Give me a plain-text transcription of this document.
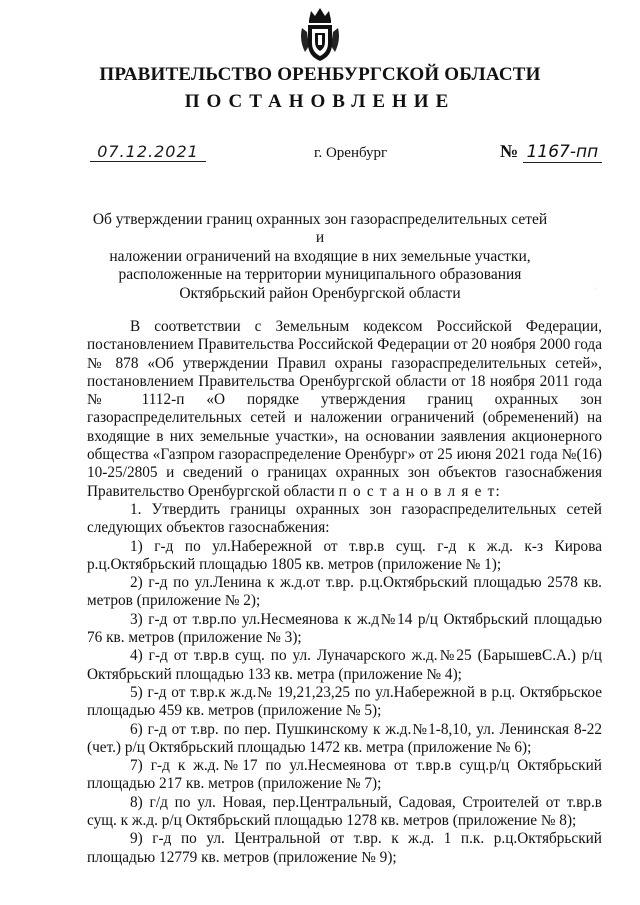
ПРАВИТЕЛЬСТВО ОРЕНБУРГСКОЙ ОБЛАСТИ
ПОСТАНОВЛЕНИЕ
07.12.2021	г. Оренбург	№ 1167-пп
·
Об утверждении границ охранных зон газораспределительных сетей и
наложении ограничений на входящие в них земельные участки,
расположенные на территории муниципального образования
Октябрьский район Оренбургской области

В соответствии с Земельным кодексом Российской Федерации, постановлением Правительства Российской Федерации от 20 ноября 2000 года № 878 «Об утверждении Правил охраны газораспределительных сетей», постановлением Правительства Оренбургской области от 18 ноября 2011 года № 1112-п «О порядке утверждения границ охранных зон газораспределительных сетей и наложении ограничений (обременений) на входящие в них земельные участки», на основании заявления акционерного общества «Газпром газораспределение Оренбург» от 25 июня 2021 года №(16) 10-25/2805 и сведений о границах охранных зон объектов газоснабжения Правительство Оренбургской области п о с т а н о в л я е т:

1. Утвердить границы охранных зон газораспределительных сетей следующих объектов газоснабжения:

1) г-д по ул.Набережной от т.вр.в сущ. г-д к ж.д. к-з Кирова р.ц.Октябрьский площадью 1805 кв. метров (приложение № 1);

2) г-д по ул.Ленина к ж.д.от т.вр. р.ц.Октябрьский площадью 2578 кв. метров (приложение № 2);

3) г-д от т.вр.по ул.Несмеянова к ж.д№14 р/ц Октябрьский площадью 76 кв. метров (приложение № 3);

4) г-д от т.вр.в сущ. по ул. Луначарского ж.д.№25 (БарышевС.А.) р/ц Октябрьский площадью 133 кв. метра (приложение № 4);

5) г-д от т.вр.к ж.д.№ 19,21,23,25 по ул.Набережной в р.ц. Октябрьское площадью 459 кв. метров (приложение № 5);

6) г-д от т.вр. по пер. Пушкинскому к ж.д.№1-8,10, ул. Ленинская 8-22 (чет.) р/ц Октябрьский площадью 1472 кв. метра (приложение № 6);

7) г-д к ж.д.№17 по ул.Несмеянова от т.вр.в сущ.р/ц Октябрьский площадью 217 кв. метров (приложение № 7);

8) г/д по ул. Новая, пер.Центральный, Садовая, Строителей от т.вр.в сущ. к ж.д. р/ц Октябрьский площадью 1278 кв. метров (приложение № 8);

9) г-д по ул. Центральной от т.вр. к ж.д. 1 п.к. р.ц.Октябрьский площадью 12779 кв. метров (приложение № 9);
